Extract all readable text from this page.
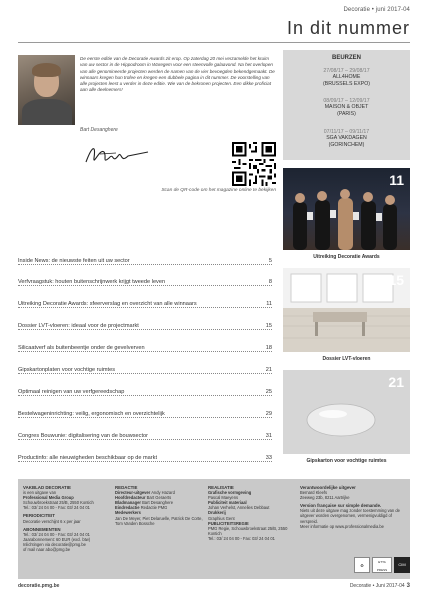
Decoratie • juni 2017-04
In dit nummer
De eerste editie van de Decoratie Awards zit erop. Op zaterdag 20 mei verzamelde het kruim van uw sector in de Hippodroom in Waregem voor een steenvolle galaavond. Na het overlopen van alle genomineerde projecten werden de namen van de vier bevoegden bekendgemaakt. De winnaars kregen hun trofee en kregen een dubbele pagina in dit nummer. De voorstelling van alle projecten leest u verder in deze editie. Wie van de bekronen projecten. Een dikke proficiat aan alle deelnemers!
Bart Desanghere
Scan de QR-code om het magazine online te bekijken
BEURZEN
27/08/17 – 29/08/17
ALL4HOME
(BRUSSELS EXPO)
08/09/17 – 12/09/17
MAISON & OBJET
(PARIS)
07/11/17 – 09/11/17
SGA VAKDAGEN
(GORINCHEM)
11
Uitreiking Decoratie Awards
15
Dossier LVT-vloeren
21
Gipskarton voor vochtige ruimtes
Inside News: de nieuwste feiten uit uw sector	5
Verfvraagstuk: houten buitenschrijnwerk krijgt tweede leven	8
Uitreiking Decoratie Awards: sfeerverslag en overzicht van alle winnaars	11
Dossier LVT-vloeren: ideaal voor de projectmarkt	15
Silicaatverf als buitenbeentje onder de gevelverven	18
Gipskartonplaten voor vochtige ruimtes	21
Optimaal reinigen van uw verfgereedschap	25
Bestelwageninrichting: veilig, ergonomisch en overzichtelijk	29
Congres Bouwunie: digitalisering van de bouwsector	31
Productinfo: alle nieuwigheden beschikbaar op de markt	33
VAKBLAD DECORATIE
is een uitgave van
Professional Media Group
Schouwbroekstraat 25/B, 2550 Kontich
Tel.: 03/ 24 04 00 - Fax: 03/ 24 04 01
PERIODICITEIT
Decoratie verschijnt 6 x per jaar
ABONNEMENTEN
Tel.: 03/ 24 04 00 - Fax: 03/ 24 04 01
Jaarabonnement: 60 EUR (excl. btw)
Inlichtingen via decoratie@pmg.be
of mail naar abo@pmg.be
REDACTIE
Directeur-uitgever Andy Hazard
Hoofdredacteur Bart Geraerts
Bladmanager Bart Desanghere
Eindredactie Redactie PMG
Medewerkers
Jan De Meyer, Piet Delaruelle, Patrick De Corte, Tom Vanden Bossche
REALISATIE
Grafische vormgeving
Pascal Maeyens
Publiciteit materiaal
Johan Verhelst, Annelies Debbaut
Drukkerij
Graphius Gent
PUBLICITEITSREGIE
PMG Regie, Schouwbroekstraat 25/B, 2550 Kontich
Tel.: 03/ 24 04 00 - Fax: 03/ 24 04 01
Verantwoordelijke uitgever
Bernard Kleefs
Zeeweg 23b, 8211 Aartrijke
Version française sur simple demande.
Niets uit deze uitgave mag zonder toestemming van de uitgever worden overgenomen, vermenigvuldigd of verspreid.
Meer informatie op www.professionalmedia.be
♻
ETTA PRESS
CIM
decoratie.pmg.be	Decoratie • Juni 2017-04 3
